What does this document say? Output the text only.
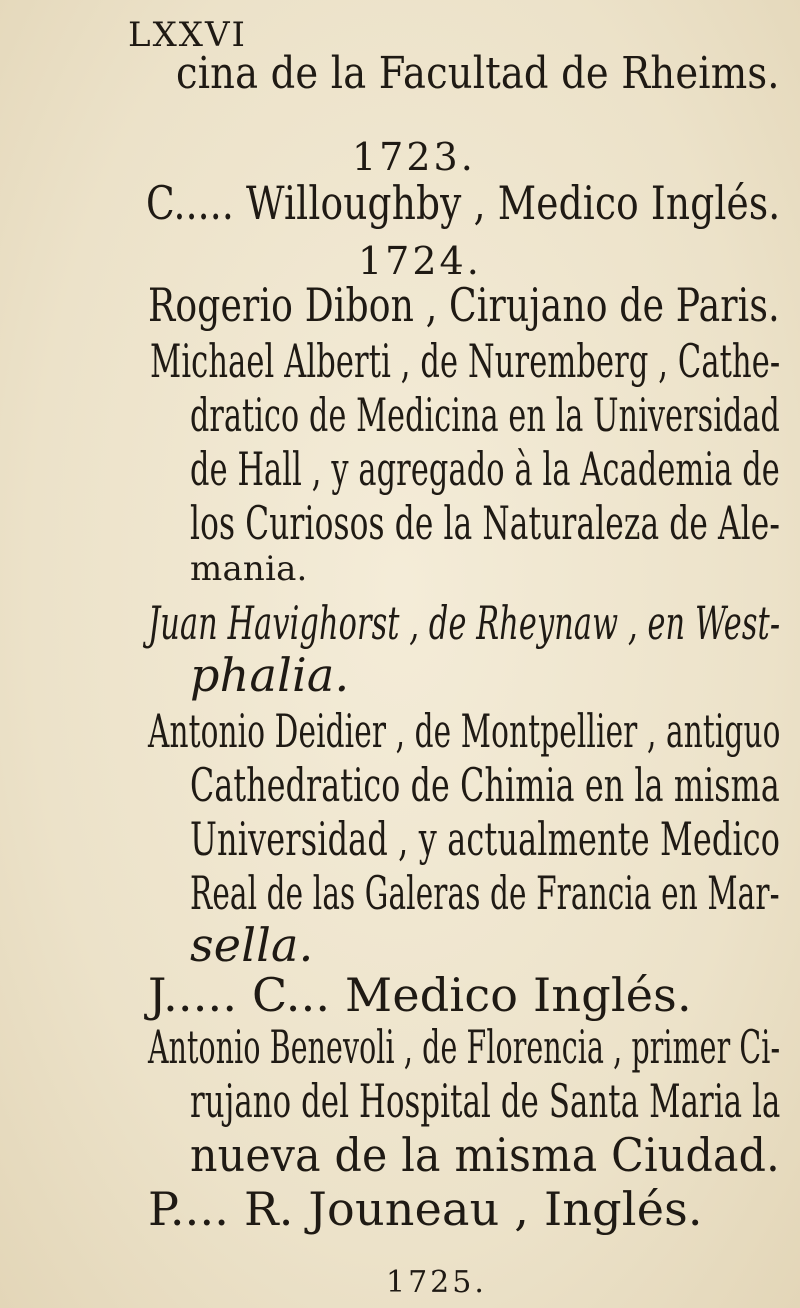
LXXVI
cina de la Facultad de Rheims.
1723.
C..... Willoughby , Medico Inglés.
1724.
Rogerio Dibon , Cirujano de Paris.
Michael Alberti , de Nuremberg , Cathe-
dratico de Medicina en la Universidad
de Hall , y agregado à la Academia de
los Curiosos de la Naturaleza de Ale-
mania.
Juan Havighorst , de Rheynaw , en West-
phalia.
Antonio Deidier , de Montpellier , antiguo
Cathedratico de Chimia en la misma
Universidad , y actualmente Medico
Real de las Galeras de Francia en Mar-
sella.
J..... C... Medico Inglés.
Antonio Benevoli , de Florencia , primer Ci-
rujano del Hospital de Santa Maria la
nueva de la misma Ciudad.
P.... R. Jouneau , Inglés.
1725.
